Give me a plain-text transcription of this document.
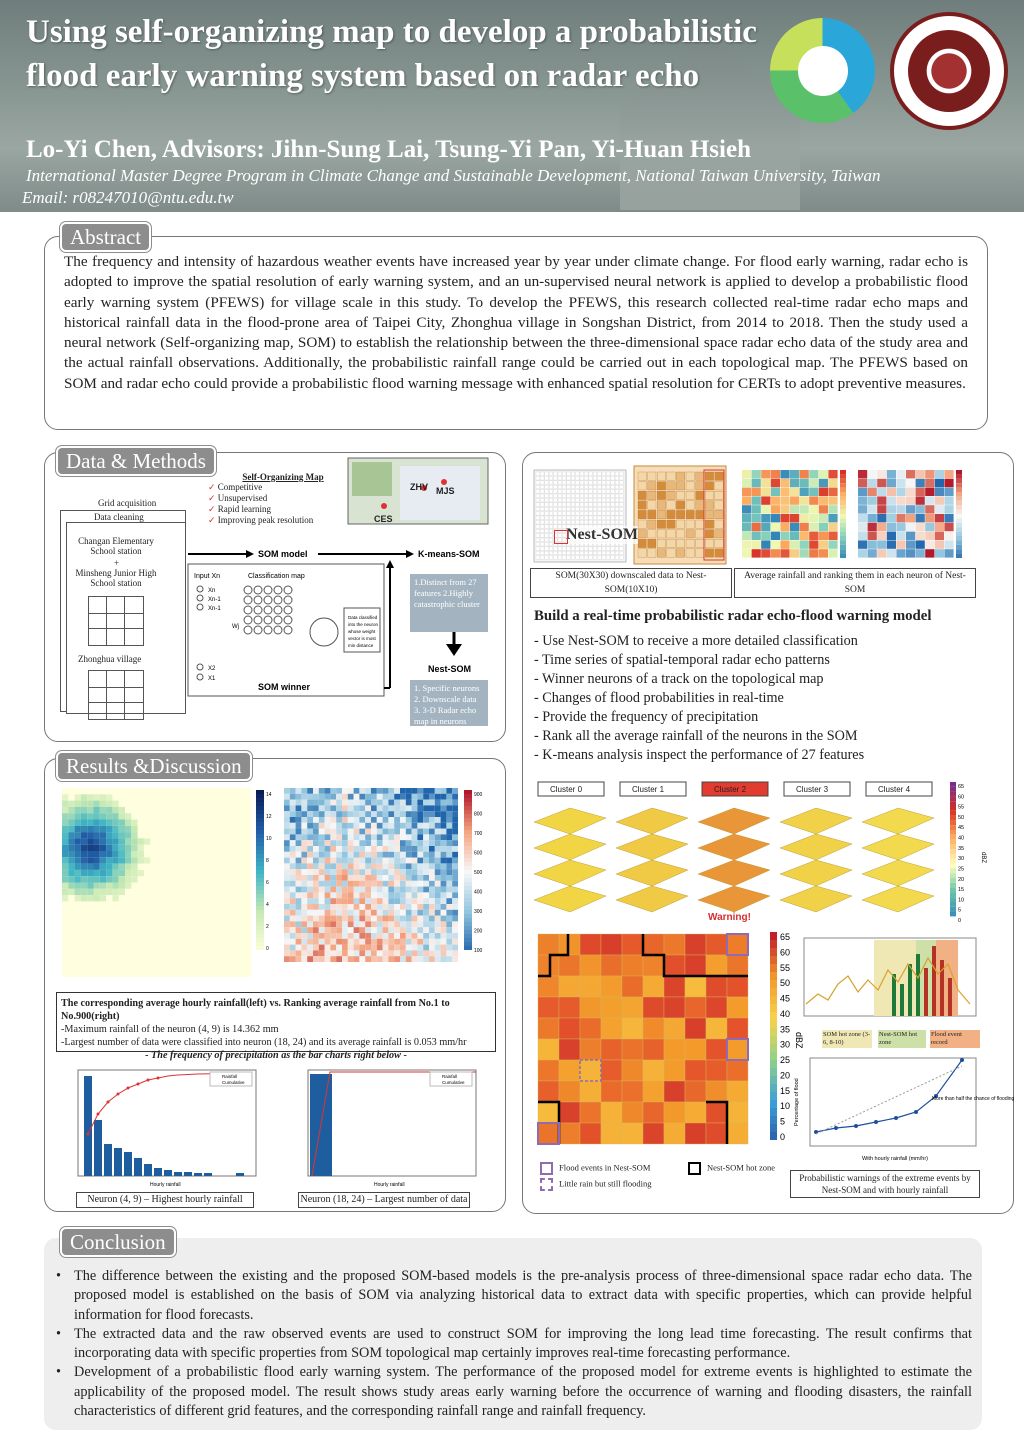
Using self-organizing map to develop a probabilistic flood early warning system based on radar echo
Lo-Yi Chen, Advisors: Jihn-Sung Lai, Tsung-Yi Pan, Yi-Huan Hsieh
International Master Degree Program in Climate Change and Sustainable Development, National Taiwan University, Taiwan
Email: r08247010@ntu.edu.tw
Abstract
The frequency and intensity of hazardous weather events have increased year by year under climate change. For flood early warning, radar echo is adopted to improve the spatial resolution of early warning system, and an un-supervised neural network is applied to develop a probabilistic flood early warning system (PFEWS) for village scale in this study. To develop the PFEWS, this research collected real-time radar echo maps and historical rainfall data in the flood-prone area of Taipei City, Zhonghua village in Songshan District, from 2014 to 2018. Then the study used a neural network (Self-organizing map, SOM) to establish the relationship between the three-dimensional space radar echo data of the study area and the actual rainfall observations. Additionally, the probabilistic rainfall range could be carried out in each topological map. The PFEWS based on SOM and radar echo could provide a probabilistic flood warning message with enhanced spatial resolution for CERTs to adopt preventive measures.
Data & Methods
Self-Organizing Map
✓ Competitive
✓ Unsupervised
✓ Rapid learning
✓ Improving peak resolution
Grid acquisition
Data cleaning
Changan Elementary School station
+
Minsheng Junior High School station
Zhonghua village
ZHV MJS
CES
SOM model	K-means-SOM
Input Xn	Classification map
Xn
Xn-1
Xn-1
X2
X1
Wj
Data classified
into the neuron
whose weight
vector is most
min distance
SOM winner
Nest-SOM
1.Distinct from 27 features 2.Highly catastrophic cluster
1. Specific neurons 2. Downscale data 3. 3-D Radar echo map in neurons
Results &Discussion
14
12
10
8
6
4
2
0
900
800
700
600
500
400
300
200
100
The corresponding average hourly rainfall(left) vs. Ranking average rainfall from No.1 to No.900(right)
-Maximum rainfall of the neuron (4, 9) is 14.362 mm
-Largest number of data were classified into neuron (18, 24) and its average rainfall is 0.053 mm/hr
- The frequency of precipitation as the bar charts right below -
Rainfall
Cumulative
Hourly rainfall
Neuron (4, 9) – Highest hourly rainfall
Rainfall
Cumulative
Hourly rainfall
Neuron (18, 24) – Largest number of data
Nest-SOM
SOM(30X30) downscaled data to Nest-SOM(10X10)
Average rainfall and ranking them in each neuron of Nest-SOM
Build a real-time probabilistic radar echo-flood warning model
- Use Nest-SOM to receive a more detailed classification
- Time series of spatial-temporal radar echo patterns
- Winner neurons of a track on the topological map
- Changes of flood probabilities in real-time
- Provide the frequency of precipitation
- Rank all the average rainfall of the neurons in the SOM
- K-means analysis inspect the performance of 27 features
Cluster 0	Cluster 1	Cluster 2	Cluster 3	Cluster 4
Warning!
65
60
55
50
45
40
35
30
25
20
15
10
5
0
dBZ
65
60
55
50
45
40
35
30
25
20
15
10
5
0
dBZ	SOM hot zone (3-6, 8-10)
Nest-SOM hot zone
Flood event record
More than half the chance of flooding
With hourly rainfall (mm/hr)
Percentage of flood
Flood events in Nest-SOM	Nest-SOM hot zone
Little rain but still flooding
Probabilistic warnings of the extreme events by Nest-SOM and with hourly rainfall
Conclusion
• The difference between the existing and the proposed SOM-based models is the pre-analysis process of three-dimensional space radar echo data. The proposed model is established on the basis of SOM via analyzing historical data to extract data with specific properties, which can provide helpful information for flood forecasts.
• The extracted data and the raw observed events are used to construct SOM for improving the long lead time forecasting. The result confirms that incorporating data with specific properties from SOM topological map certainly improves real-time forecasting performance.
• Development of a probabilistic flood early warning system. The performance of the proposed model for extreme events is highlighted to estimate the applicability of the proposed model. The result shows study areas early warning before the occurrence of warning and flooding disasters, the rainfall characteristics of different grid features, and the corresponding rainfall range and rainfall frequency.
